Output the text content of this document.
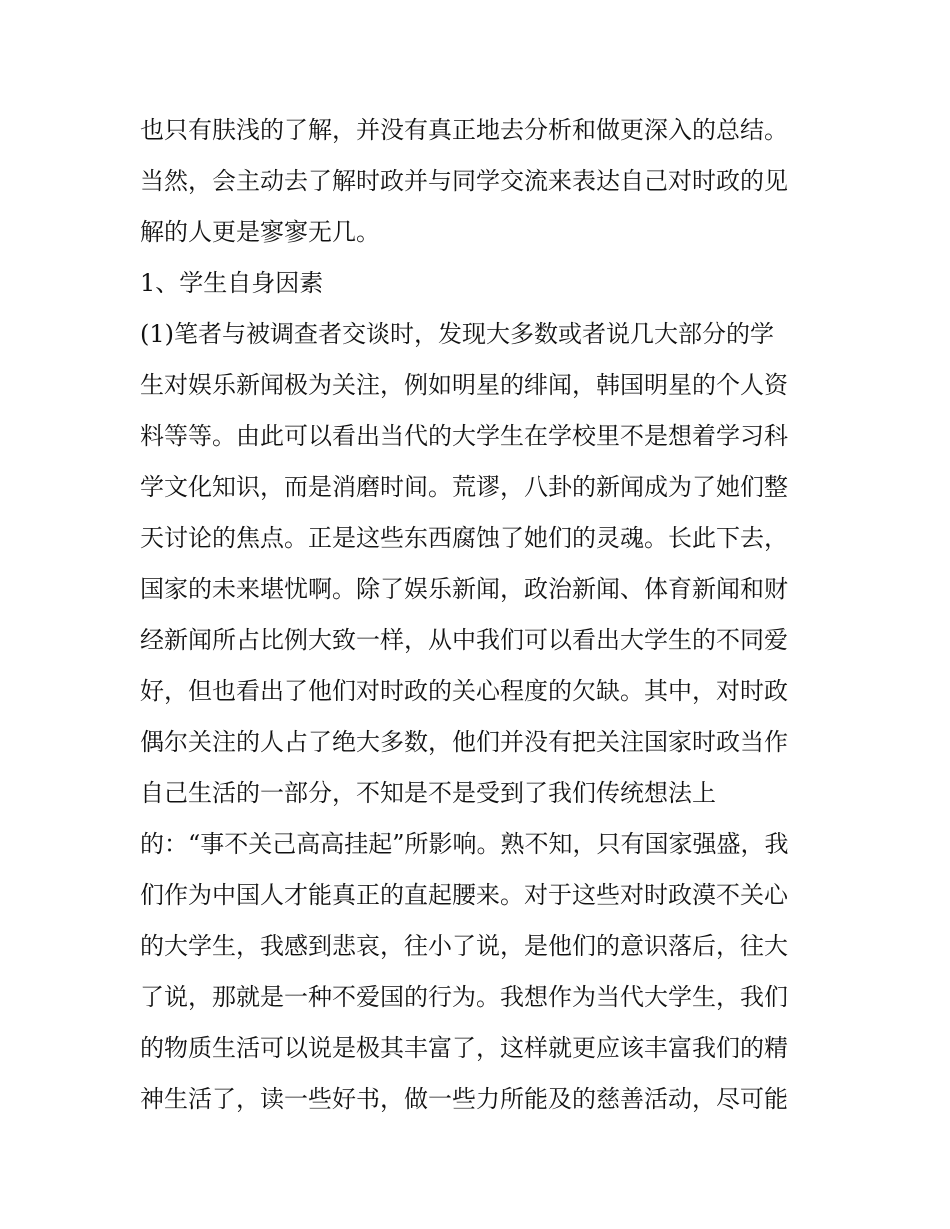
也只有肤浅的了解，并没有真正地去分析和做更深入的总结。
当然，会主动去了解时政并与同学交流来表达自己对时政的见
解的人更是寥寥无几。
1、学生自身因素
(1)笔者与被调查者交谈时，发现大多数或者说几大部分的学
生对娱乐新闻极为关注，例如明星的绯闻，韩国明星的个人资
料等等。由此可以看出当代的大学生在学校里不是想着学习科
学文化知识，而是消磨时间。荒谬，八卦的新闻成为了她们整
天讨论的焦点。正是这些东西腐蚀了她们的灵魂。长此下去，
国家的未来堪忧啊。除了娱乐新闻，政治新闻、体育新闻和财
经新闻所占比例大致一样，从中我们可以看出大学生的不同爱
好，但也看出了他们对时政的关心程度的欠缺。其中，对时政
偶尔关注的人占了绝大多数，他们并没有把关注国家时政当作
自己生活的一部分，不知是不是受到了我们传统想法上
的：“事不关己高高挂起”所影响。熟不知，只有国家强盛，我
们作为中国人才能真正的直起腰来。对于这些对时政漠不关心
的大学生，我感到悲哀，往小了说，是他们的意识落后，往大
了说，那就是一种不爱国的行为。我想作为当代大学生，我们
的物质生活可以说是极其丰富了，这样就更应该丰富我们的精
神生活了，读一些好书，做一些力所能及的慈善活动，尽可能
